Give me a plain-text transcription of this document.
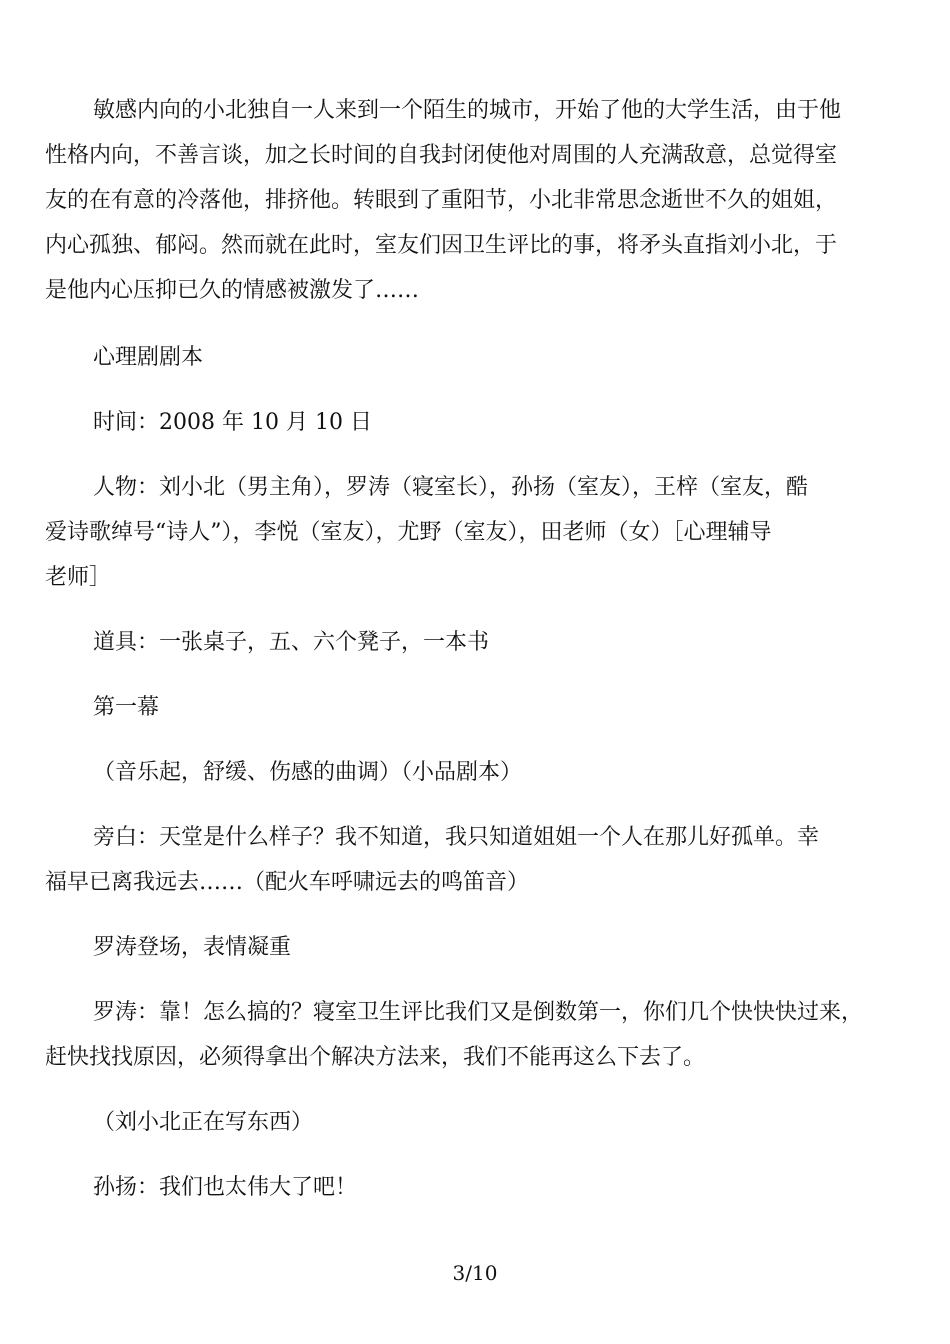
敏感内向的小北独自一人来到一个陌生的城市，开始了他的大学生活，由于他
性格内向，不善言谈，加之长时间的自我封闭使他对周围的人充满敌意，总觉得室
友的在有意的冷落他，排挤他。转眼到了重阳节，小北非常思念逝世不久的姐姐，
内心孤独、郁闷。然而就在此时，室友们因卫生评比的事，将矛头直指刘小北，于
是他内心压抑已久的情感被激发了……

心理剧剧本

时间：2008 年 10 月 10 日

人物：刘小北（男主角），罗涛（寝室长），孙扬（室友），王梓（室友，酷
爱诗歌绰号“诗人”），李悦（室友），尤野（室友），田老师（女）［心理辅导
老师］

道具：一张桌子，五、六个凳子，一本书

第一幕

（音乐起，舒缓、伤感的曲调）（小品剧本）

旁白：天堂是什么样子？我不知道，我只知道姐姐一个人在那儿好孤单。幸
福早已离我远去……（配火车呼啸远去的鸣笛音）

罗涛登场，表情凝重

罗涛：靠！怎么搞的？寝室卫生评比我们又是倒数第一，你们几个快快快过来，
赶快找找原因，必须得拿出个解决方法来，我们不能再这么下去了。

（刘小北正在写东西）

孙扬：我们也太伟大了吧！

3/10
